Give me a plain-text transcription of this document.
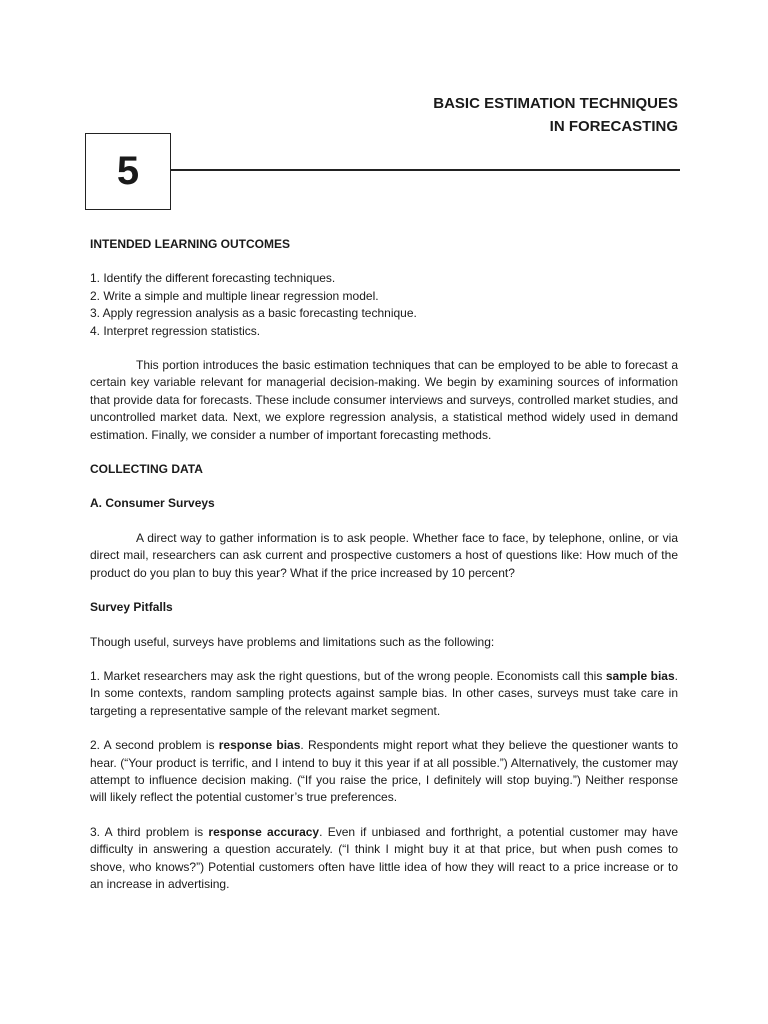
BASIC ESTIMATION TECHNIQUES
IN FORECASTING
5

INTENDED LEARNING OUTCOMES

1. Identify the different forecasting techniques.

2. Write a simple and multiple linear regression model.

3. Apply regression analysis as a basic forecasting technique.

4. Interpret regression statistics.

This portion introduces the basic estimation techniques that can be employed to be able to forecast a certain key variable relevant for managerial decision-making. We begin by examining sources of information that provide data for forecasts. These include consumer interviews and surveys, controlled market studies, and uncontrolled market data. Next, we explore regression analysis, a statistical method widely used in demand estimation. Finally, we consider a number of important forecasting methods.

COLLECTING DATA

A. Consumer Surveys

A direct way to gather information is to ask people. Whether face to face, by telephone, online, or via direct mail, researchers can ask current and prospective customers a host of questions like: How much of the product do you plan to buy this year? What if the price increased by 10 percent?

Survey Pitfalls

Though useful, surveys have problems and limitations such as the following:

1. Market researchers may ask the right questions, but of the wrong people. Economists call this sample bias. In some contexts, random sampling protects against sample bias. In other cases, surveys must take care in targeting a representative sample of the relevant market segment.

2. A second problem is response bias. Respondents might report what they believe the questioner wants to hear. (“Your product is terrific, and I intend to buy it this year if at all possible.”) Alternatively, the customer may attempt to influence decision making. (“If you raise the price, I definitely will stop buying.”) Neither response will likely reflect the potential customer’s true preferences.

3. A third problem is response accuracy. Even if unbiased and forthright, a potential customer may have difficulty in answering a question accurately. (“I think I might buy it at that price, but when push comes to shove, who knows?”) Potential customers often have little idea of how they will react to a price increase or to an increase in advertising.
